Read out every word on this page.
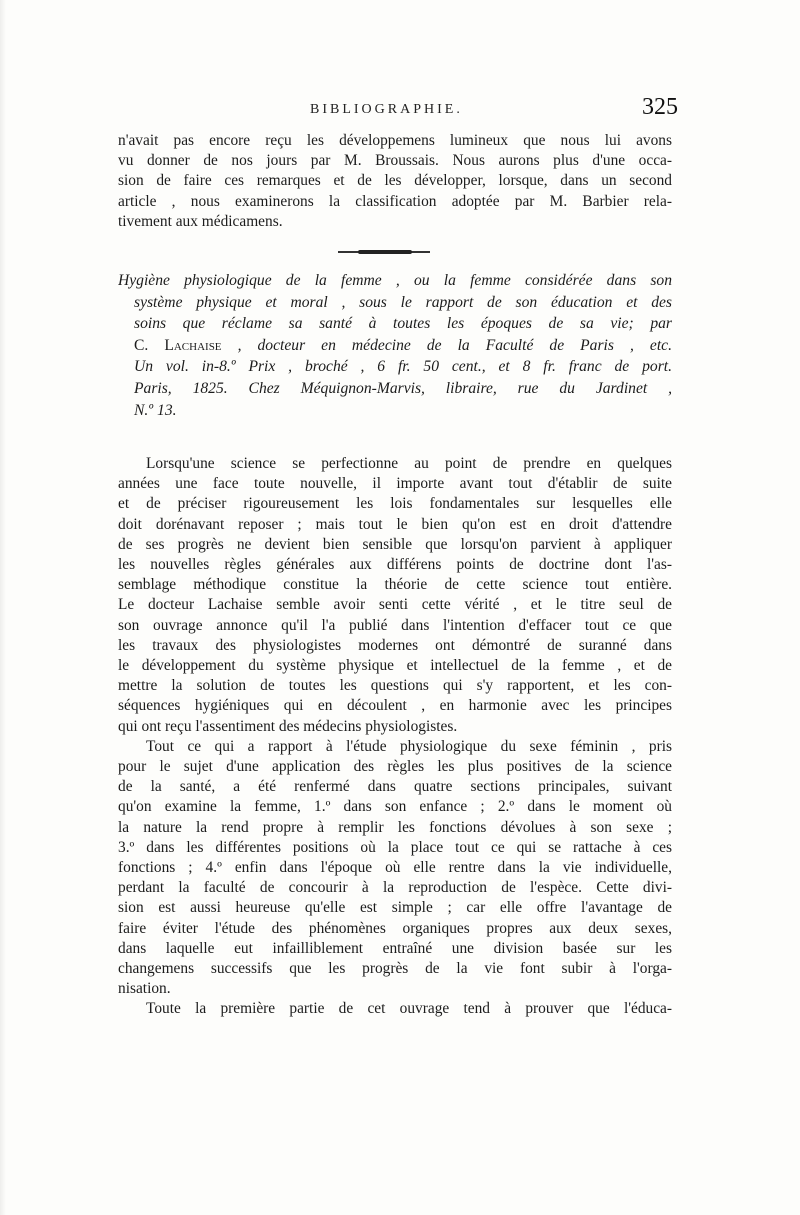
BIBLIOGRAPHIE.	325
n'avait pas encore reçu les développemens lumineux que nous lui avons
vu donner de nos jours par M. Broussais. Nous aurons plus d'une occa-
sion de faire ces remarques et de les développer, lorsque, dans un second
article , nous examinerons la classification adoptée par M. Barbier rela-
tivement aux médicamens.
Hygiène physiologique de la femme , ou la femme considérée dans son
système physique et moral , sous le rapport de son éducation et des
soins que réclame sa santé à toutes les époques de sa vie; par
C. Lachaise , docteur en médecine de la Faculté de Paris , etc.
Un vol. in-8.º Prix , broché , 6 fr. 50 cent., et 8 fr. franc de port.
Paris, 1825. Chez Méquignon-Marvis, libraire, rue du Jardinet ,
N.º 13.
Lorsqu'une science se perfectionne au point de prendre en quelques
années une face toute nouvelle, il importe avant tout d'établir de suite
et de préciser rigoureusement les lois fondamentales sur lesquelles elle
doit dorénavant reposer ; mais tout le bien qu'on est en droit d'attendre
de ses progrès ne devient bien sensible que lorsqu'on parvient à appliquer
les nouvelles règles générales aux différens points de doctrine dont l'as-
semblage méthodique constitue la théorie de cette science tout entière.
Le docteur Lachaise semble avoir senti cette vérité , et le titre seul de
son ouvrage annonce qu'il l'a publié dans l'intention d'effacer tout ce que
les travaux des physiologistes modernes ont démontré de suranné dans
le développement du système physique et intellectuel de la femme , et de
mettre la solution de toutes les questions qui s'y rapportent, et les con-
séquences hygiéniques qui en découlent , en harmonie avec les principes
qui ont reçu l'assentiment des médecins physiologistes.
Tout ce qui a rapport à l'étude physiologique du sexe féminin , pris
pour le sujet d'une application des règles les plus positives de la science
de la santé, a été renfermé dans quatre sections principales, suivant
qu'on examine la femme, 1.º dans son enfance ; 2.º dans le moment où
la nature la rend propre à remplir les fonctions dévolues à son sexe ;
3.º dans les différentes positions où la place tout ce qui se rattache à ces
fonctions ; 4.º enfin dans l'époque où elle rentre dans la vie individuelle,
perdant la faculté de concourir à la reproduction de l'espèce. Cette divi-
sion est aussi heureuse qu'elle est simple ; car elle offre l'avantage de
faire éviter l'étude des phénomènes organiques propres aux deux sexes,
dans laquelle eut infailliblement entraîné une division basée sur les
changemens successifs que les progrès de la vie font subir à l'orga-
nisation.
Toute la première partie de cet ouvrage tend à prouver que l'éduca-
